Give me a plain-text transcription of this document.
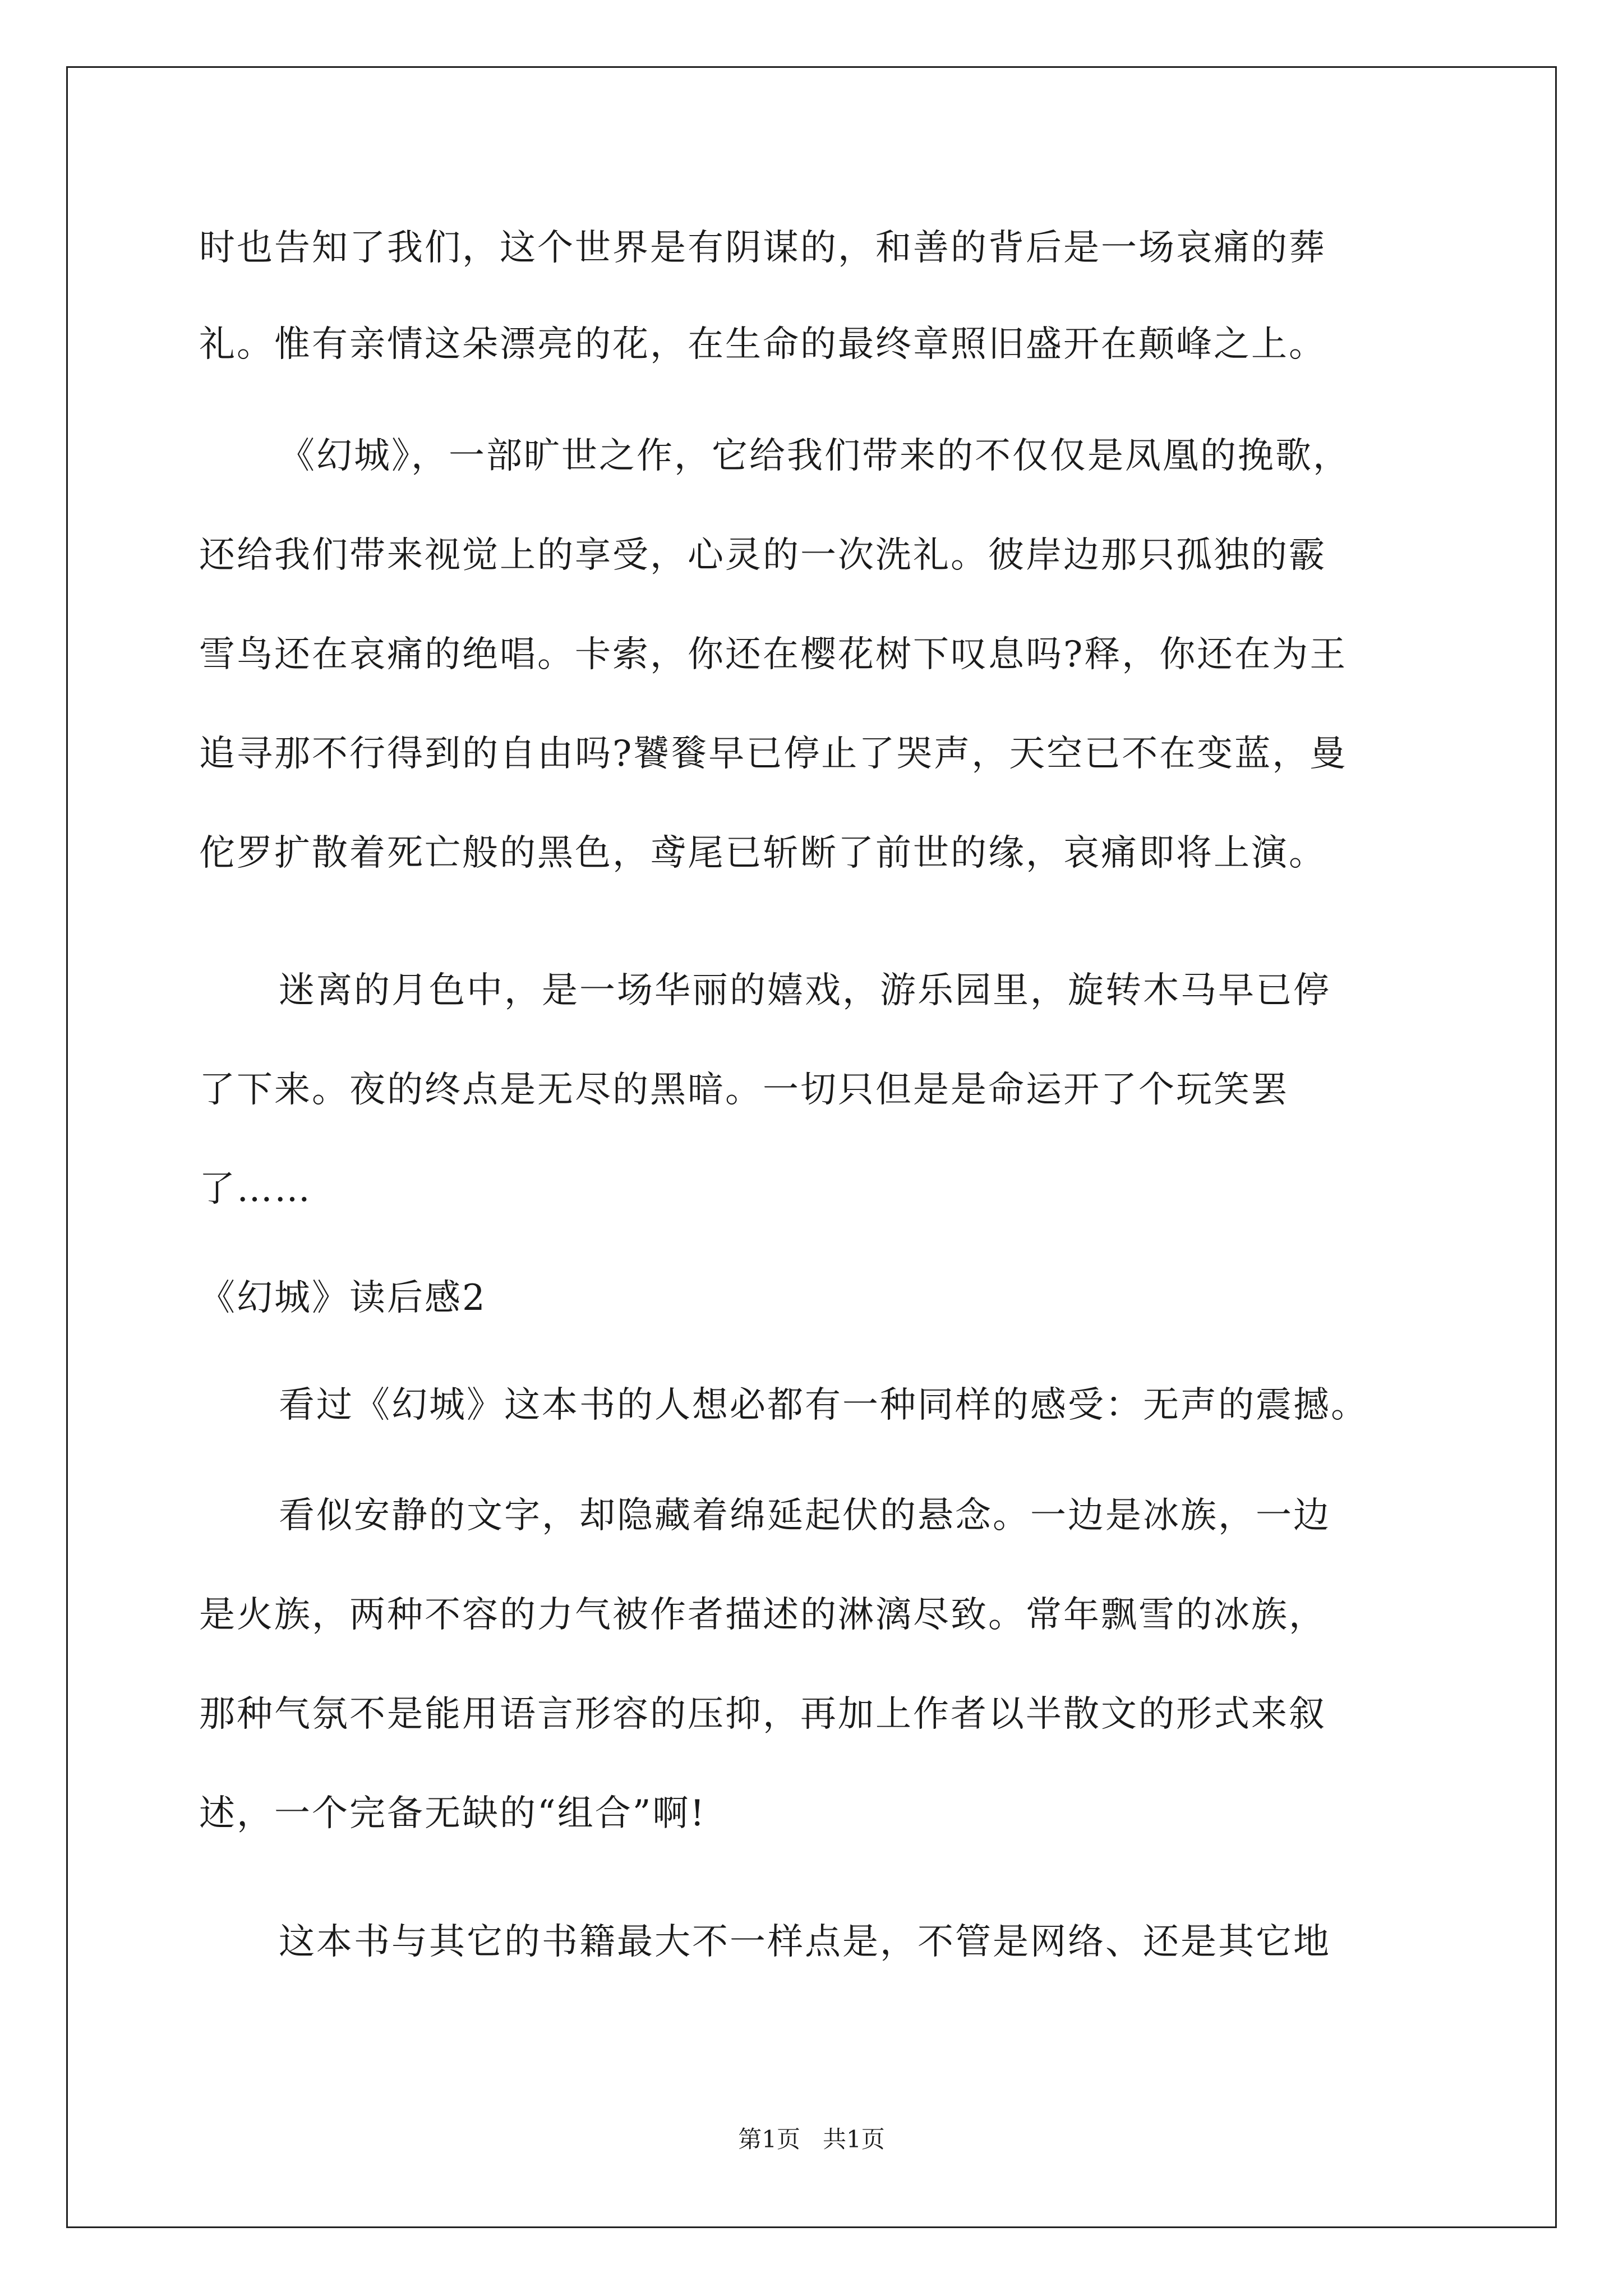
时也告知了我们，这个世界是有阴谋的，和善的背后是一场哀痛的葬
礼。惟有亲情这朵漂亮的花，在生命的最终章照旧盛开在颠峰之上。
《幻城》，一部旷世之作，它给我们带来的不仅仅是凤凰的挽歌，
还给我们带来视觉上的享受，心灵的一次洗礼。彼岸边那只孤独的霰
雪鸟还在哀痛的绝唱。卡索，你还在樱花树下叹息吗?释，你还在为王
追寻那不行得到的自由吗?饕餮早已停止了哭声，天空已不在变蓝，曼
佗罗扩散着死亡般的黑色，鸢尾已斩断了前世的缘，哀痛即将上演。
迷离的月色中，是一场华丽的嬉戏，游乐园里，旋转木马早已停
了下来。夜的终点是无尽的黑暗。一切只但是是命运开了个玩笑罢
了……
《幻城》读后感2
看过《幻城》这本书的人想必都有一种同样的感受：无声的震撼。
看似安静的文字，却隐藏着绵延起伏的悬念。一边是冰族，一边
是火族，两种不容的力气被作者描述的淋漓尽致。常年飘雪的冰族，
那种气氛不是能用语言形容的压抑，再加上作者以半散文的形式来叙
述，一个完备无缺的“组合”啊!
这本书与其它的书籍最大不一样点是，不管是网络、还是其它地
第1页   共1页
